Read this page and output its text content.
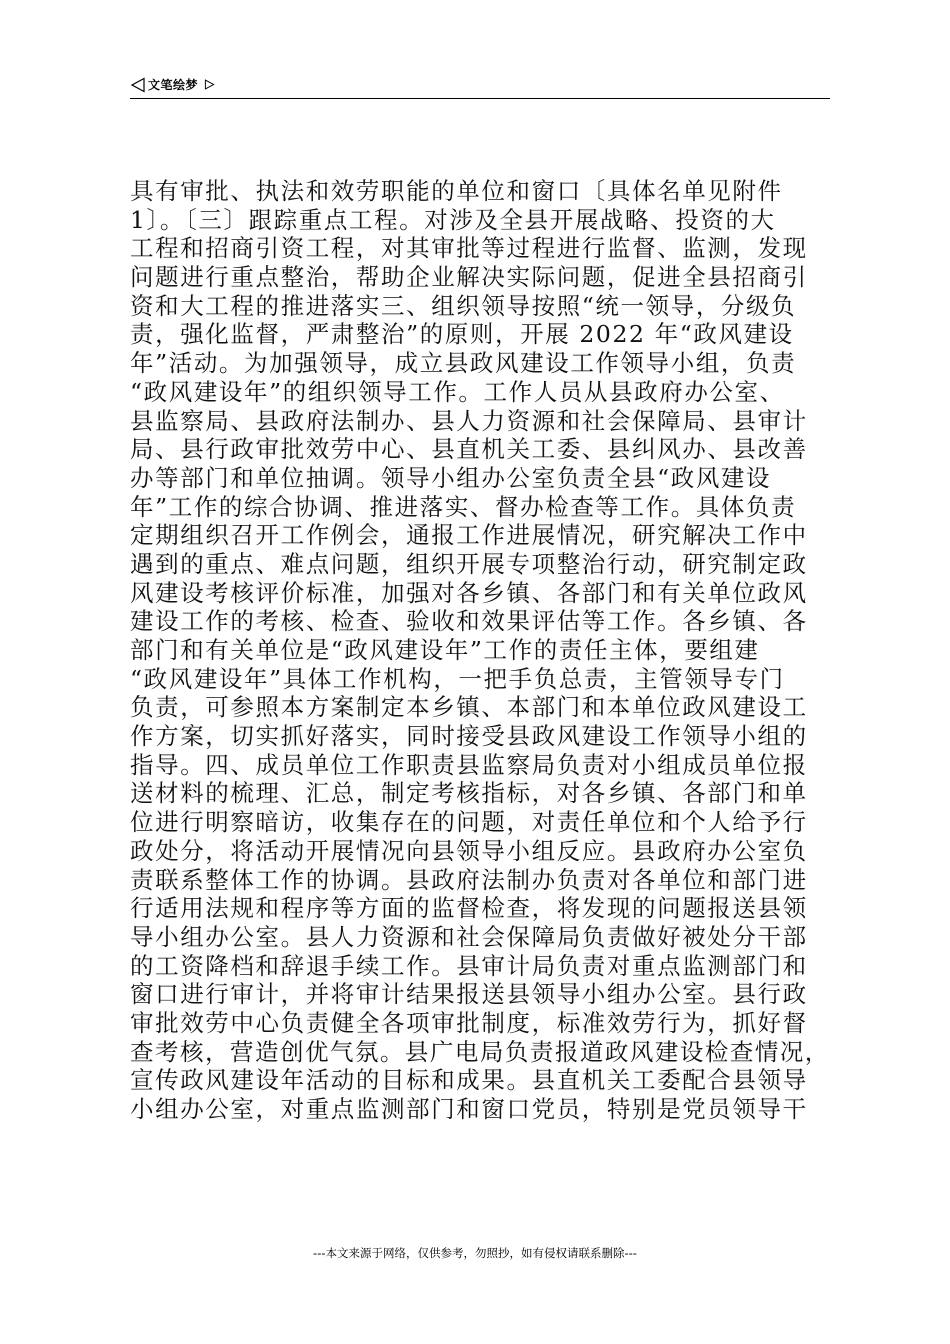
文笔绘梦
具有审批、执法和效劳职能的单位和窗口〔具体名单见附件
1〕。〔三〕跟踪重点工程。对涉及全县开展战略、投资的大
工程和招商引资工程，对其审批等过程进行监督、监测，发现
问题进行重点整治，帮助企业解决实际问题，促进全县招商引
资和大工程的推进落实三、组织领导按照“统一领导，分级负
责，强化监督，严肃整治”的原则，开展 2022 年“政风建设
年”活动。为加强领导，成立县政风建设工作领导小组，负责
“政风建设年”的组织领导工作。工作人员从县政府办公室、
县监察局、县政府法制办、县人力资源和社会保障局、县审计
局、县行政审批效劳中心、县直机关工委、县纠风办、县改善
办等部门和单位抽调。领导小组办公室负责全县“政风建设
年”工作的综合协调、推进落实、督办检查等工作。具体负责
定期组织召开工作例会，通报工作进展情况，研究解决工作中
遇到的重点、难点问题，组织开展专项整治行动，研究制定政
风建设考核评价标准，加强对各乡镇、各部门和有关单位政风
建设工作的考核、检查、验收和效果评估等工作。各乡镇、各
部门和有关单位是“政风建设年”工作的责任主体，要组建
“政风建设年”具体工作机构，一把手负总责，主管领导专门
负责，可参照本方案制定本乡镇、本部门和本单位政风建设工
作方案，切实抓好落实，同时接受县政风建设工作领导小组的
指导。四、成员单位工作职责县监察局负责对小组成员单位报
送材料的梳理、汇总，制定考核指标，对各乡镇、各部门和单
位进行明察暗访，收集存在的问题，对责任单位和个人给予行
政处分，将活动开展情况向县领导小组反应。县政府办公室负
责联系整体工作的协调。县政府法制办负责对各单位和部门进
行适用法规和程序等方面的监督检查，将发现的问题报送县领
导小组办公室。县人力资源和社会保障局负责做好被处分干部
的工资降档和辞退手续工作。县审计局负责对重点监测部门和
窗口进行审计，并将审计结果报送县领导小组办公室。县行政
审批效劳中心负责健全各项审批制度，标准效劳行为，抓好督
查考核，营造创优气氛。县广电局负责报道政风建设检查情况，
宣传政风建设年活动的目标和成果。县直机关工委配合县领导
小组办公室，对重点监测部门和窗口党员，特别是党员领导干
---本文来源于网络，仅供参考，勿照抄，如有侵权请联系删除---
